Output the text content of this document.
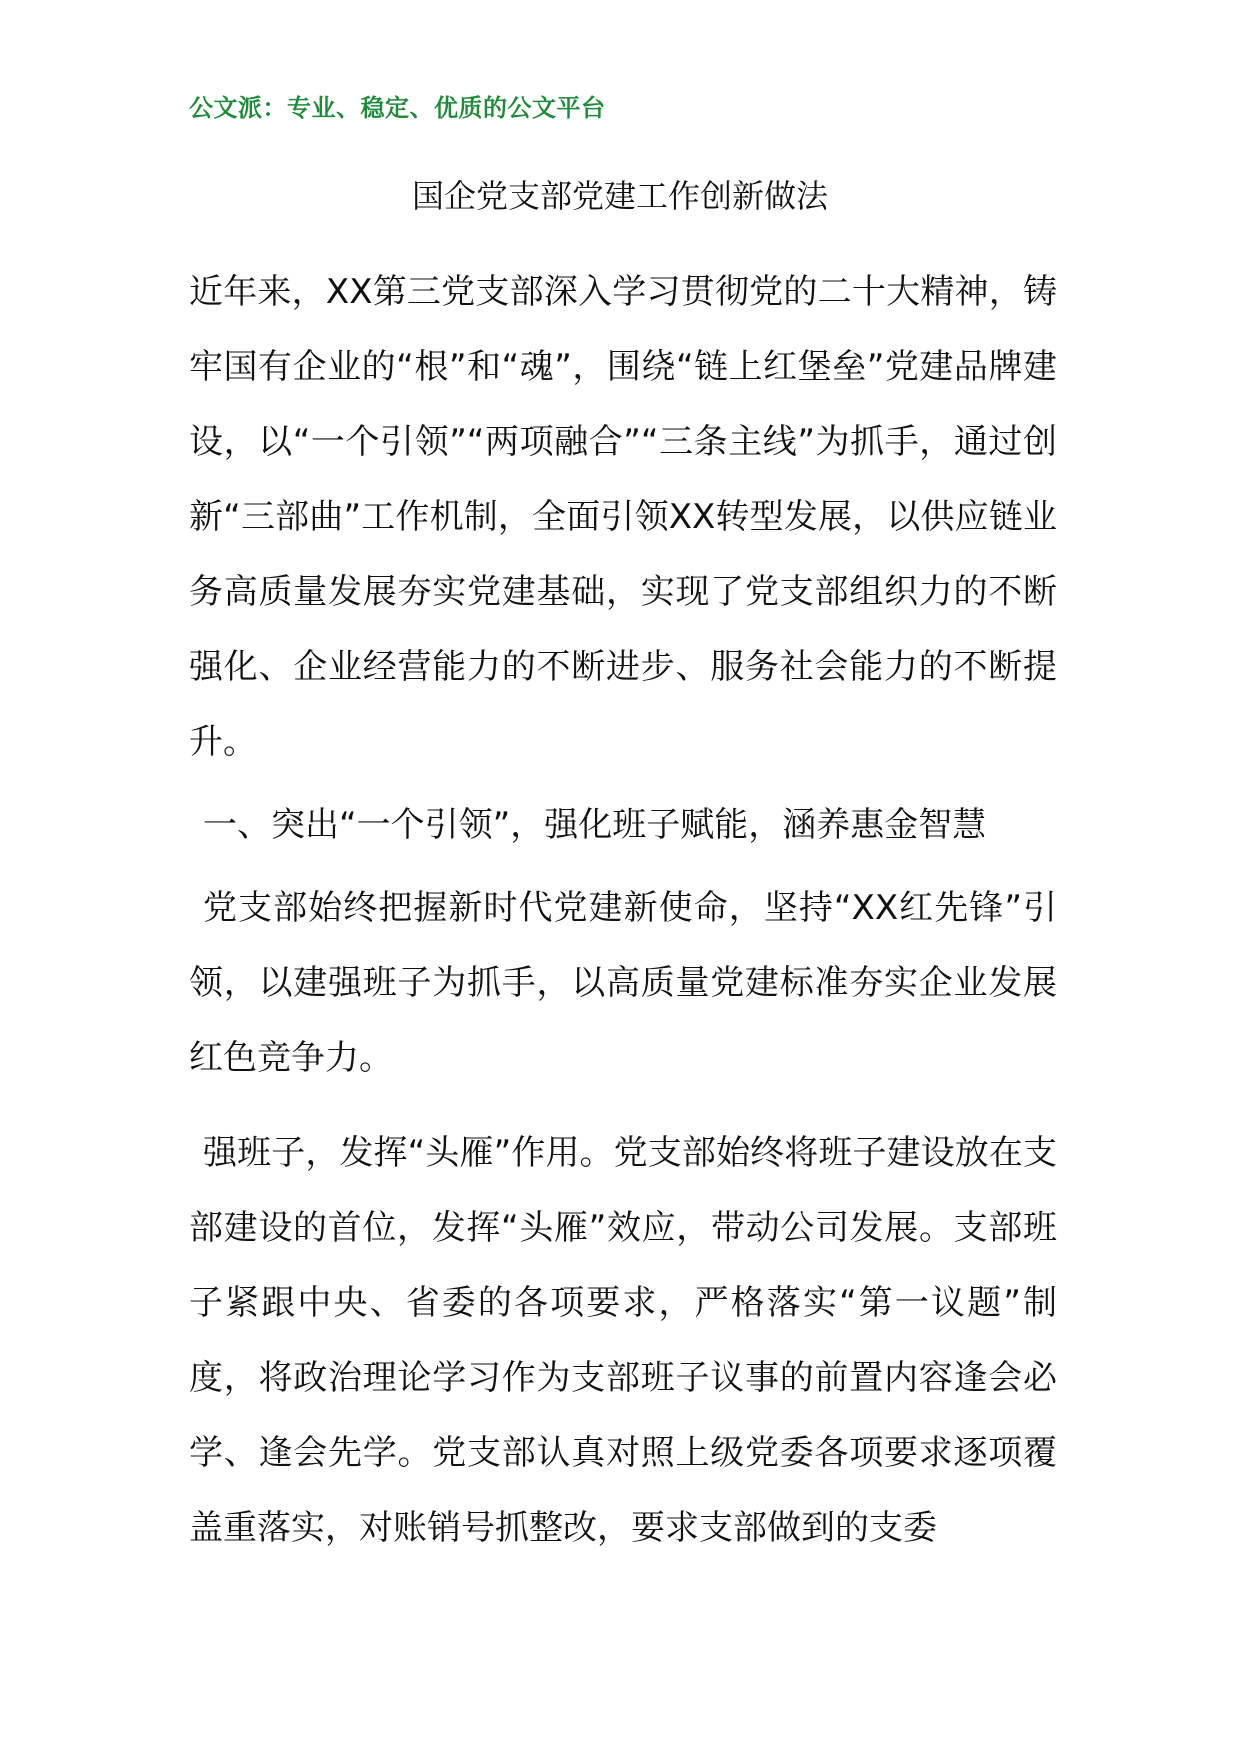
公文派：专业、稳定、优质的公文平台
国企党支部党建工作创新做法

近年来，XX第三党支部深入学习贯彻党的二十大精神，铸牢国有企业的“根”和“魂”，围绕“链上红堡垒”党建品牌建设，以“一个引领”“两项融合”“三条主线”为抓手，通过创新“三部曲”工作机制，全面引领XX转型发展，以供应链业务高质量发展夯实党建基础，实现了党支部组织力的不断强化、企业经营能力的不断进步、服务社会能力的不断提升。

一、突出“一个引领”，强化班子赋能，涵养惠金智慧

党支部始终把握新时代党建新使命，坚持“XX红先锋”引领，以建强班子为抓手，以高质量党建标准夯实企业发展红色竞争力。

强班子，发挥“头雁”作用。党支部始终将班子建设放在支部建设的首位，发挥“头雁”效应，带动公司发展。支部班子紧跟中央、省委的各项要求，严格落实“第一议题”制度，将政治理论学习作为支部班子议事的前置内容逢会必学、逢会先学。党支部认真对照上级党委各项要求逐项覆盖重落实，对账销号抓整改，要求支部做到的支委
